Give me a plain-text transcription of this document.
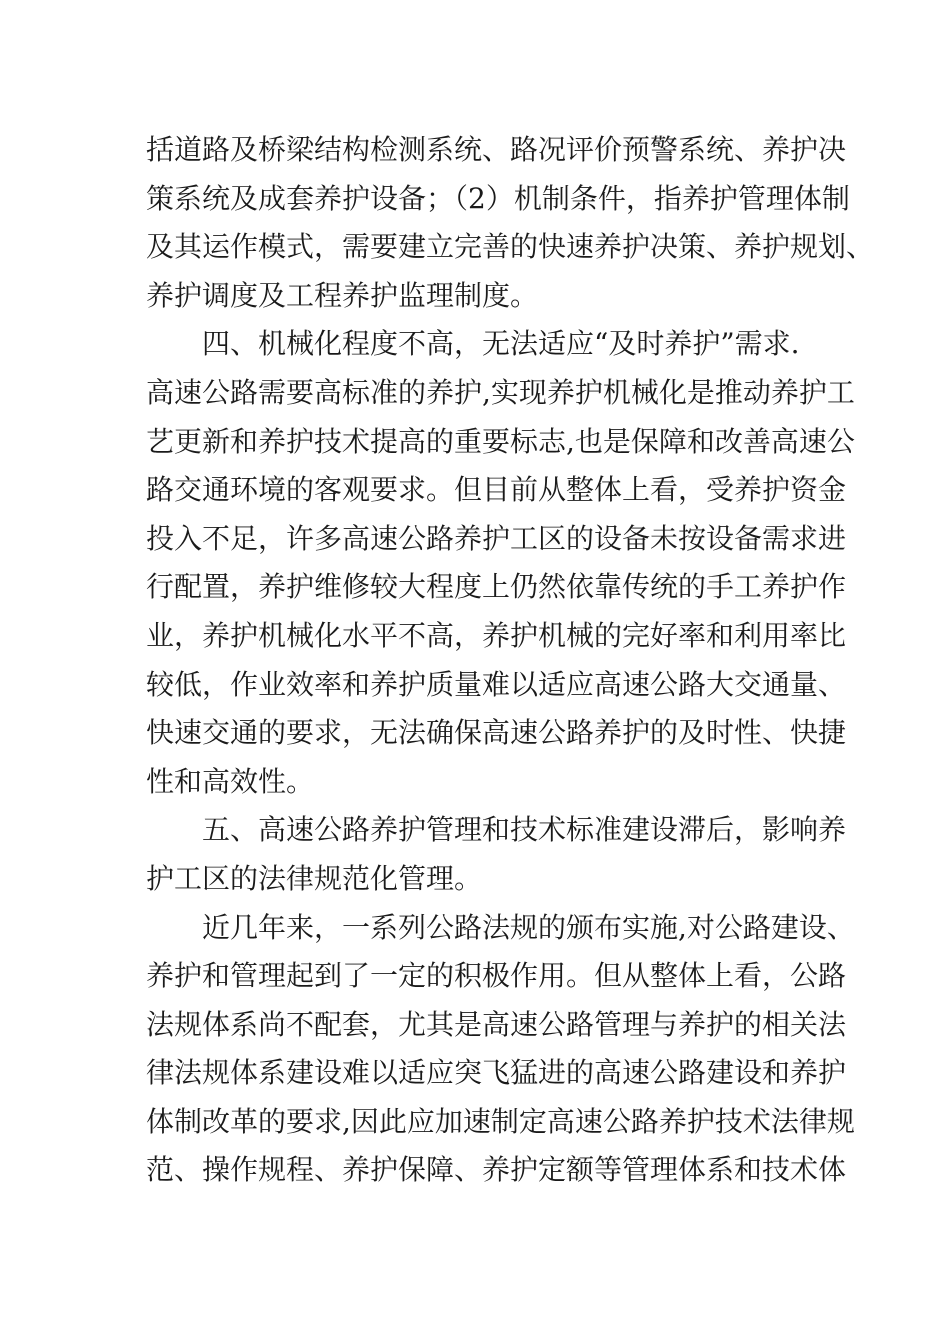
括道路及桥梁结构检测系统、路况评价预警系统、养护决
策系统及成套养护设备；（2）机制条件，指养护管理体制
及其运作模式，需要建立完善的快速养护决策、养护规划、
养护调度及工程养护监理制度。
四、机械化程度不高，无法适应“及时养护”需求.
高速公路需要高标准的养护,实现养护机械化是推动养护工
艺更新和养护技术提高的重要标志,也是保障和改善高速公
路交通环境的客观要求。但目前从整体上看，受养护资金
投入不足，许多高速公路养护工区的设备未按设备需求进
行配置，养护维修较大程度上仍然依靠传统的手工养护作
业，养护机械化水平不高，养护机械的完好率和利用率比
较低，作业效率和养护质量难以适应高速公路大交通量、
快速交通的要求，无法确保高速公路养护的及时性、快捷
性和高效性。
五、高速公路养护管理和技术标准建设滞后，影响养
护工区的法律规范化管理。
近几年来，一系列公路法规的颁布实施,对公路建设、
养护和管理起到了一定的积极作用。但从整体上看，公路
法规体系尚不配套，尤其是高速公路管理与养护的相关法
律法规体系建设难以适应突飞猛进的高速公路建设和养护
体制改革的要求,因此应加速制定高速公路养护技术法律规
范、操作规程、养护保障、养护定额等管理体系和技术体
